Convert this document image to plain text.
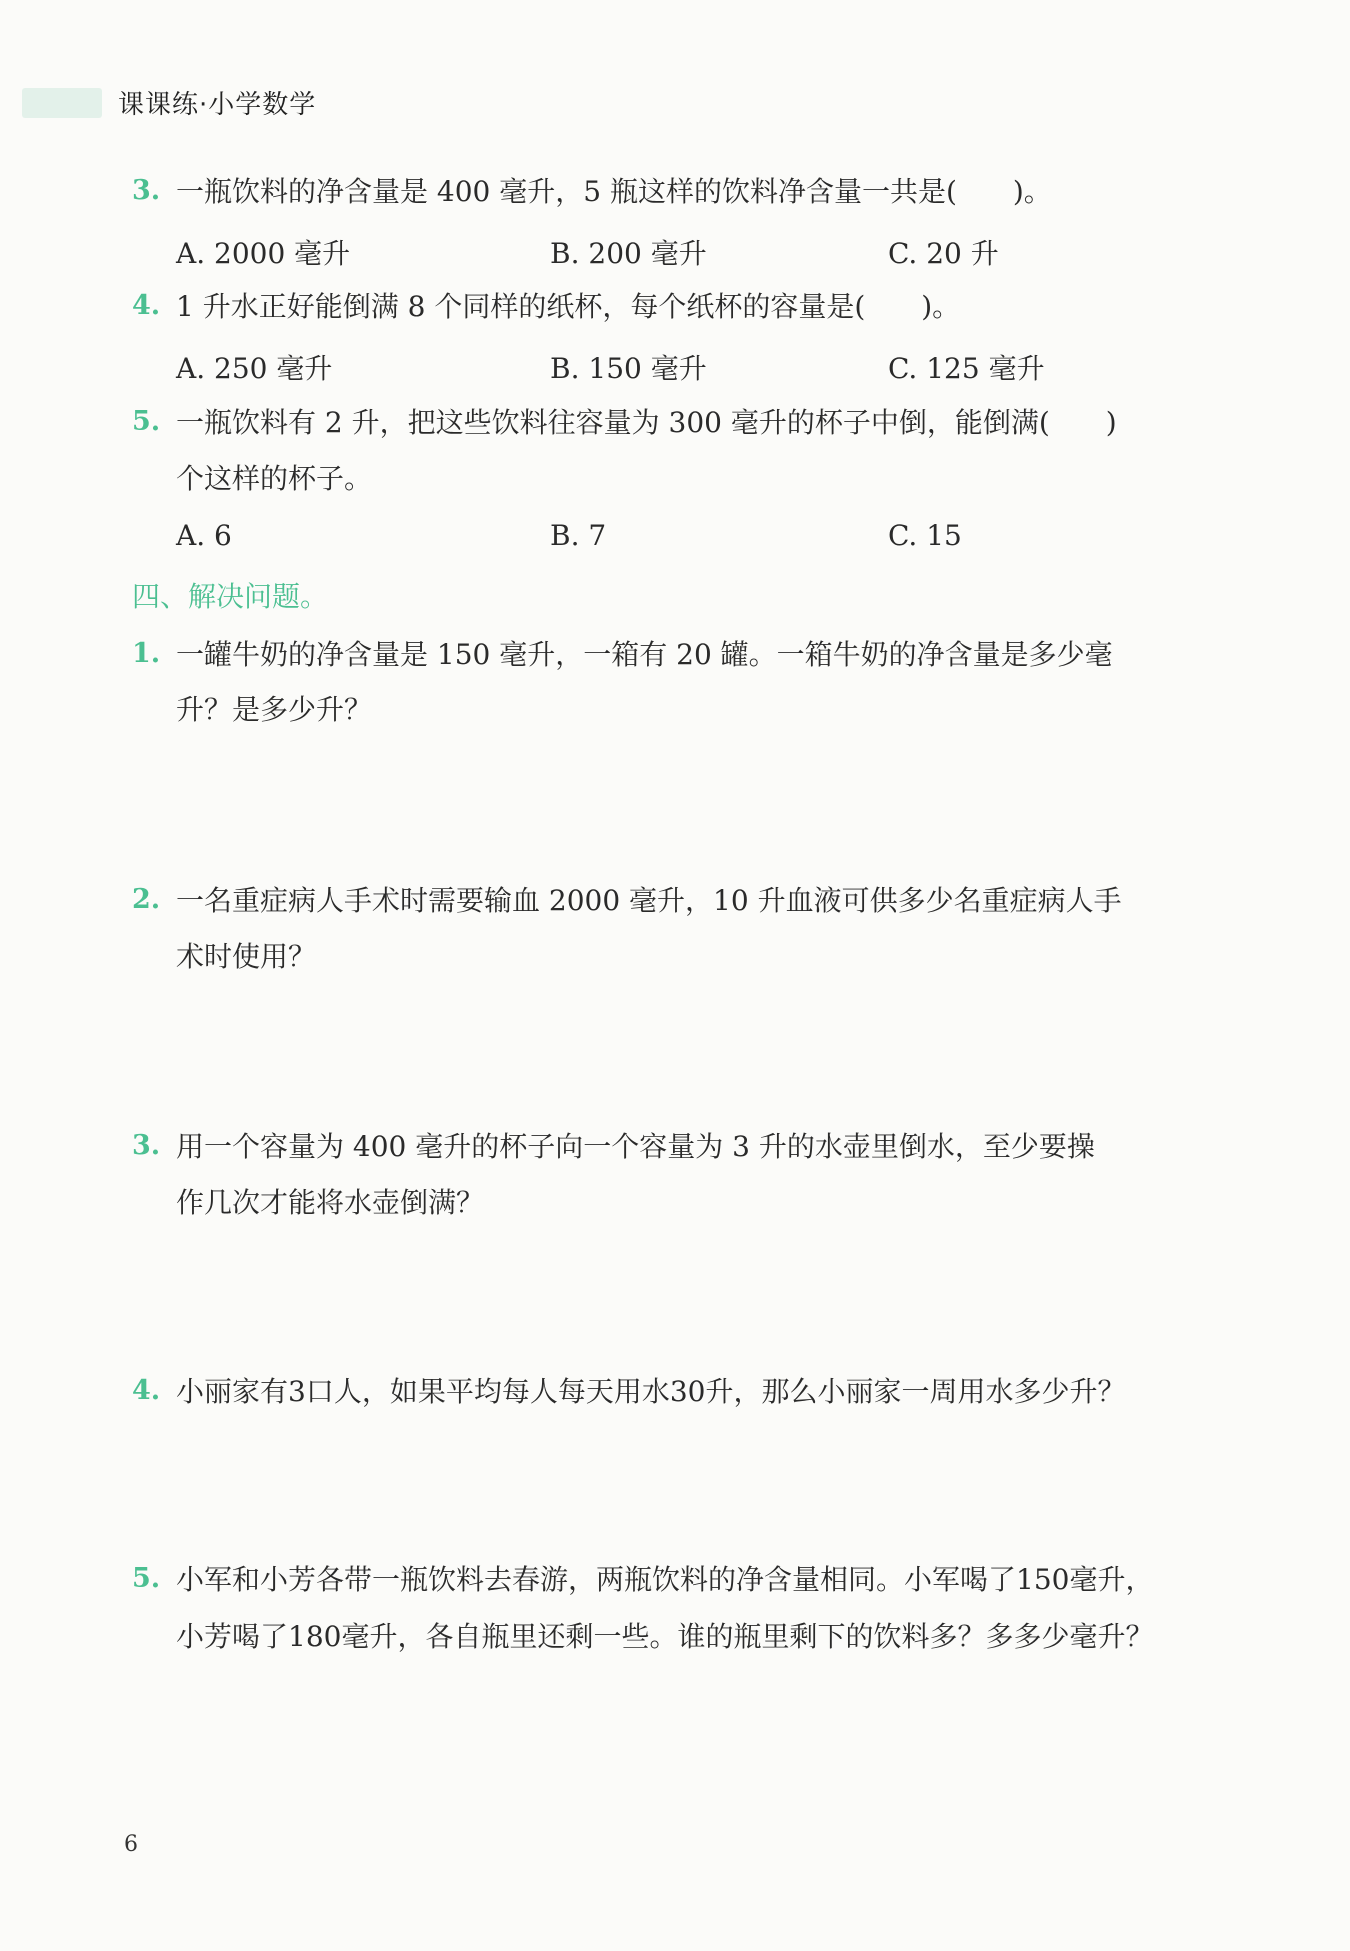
课课练·小学数学
3. 一瓶饮料的净含量是 400 毫升，5 瓶这样的饮料净含量一共是(　　)。
A. 2000 毫升	B. 200 毫升	C. 20 升
4. 1 升水正好能倒满 8 个同样的纸杯，每个纸杯的容量是(　　)。
A. 250 毫升	B. 150 毫升	C. 125 毫升
5. 一瓶饮料有 2 升，把这些饮料往容量为 300 毫升的杯子中倒，能倒满(　　)
个这样的杯子。
A. 6	B. 7	C. 15
四、解决问题。
1. 一罐牛奶的净含量是 150 毫升，一箱有 20 罐。一箱牛奶的净含量是多少毫
升？是多少升？
2. 一名重症病人手术时需要输血 2000 毫升，10 升血液可供多少名重症病人手
术时使用？
3. 用一个容量为 400 毫升的杯子向一个容量为 3 升的水壶里倒水，至少要操
作几次才能将水壶倒满？
4. 小丽家有3口人，如果平均每人每天用水30升，那么小丽家一周用水多少升？
5. 小军和小芳各带一瓶饮料去春游，两瓶饮料的净含量相同。小军喝了150毫升，
小芳喝了180毫升，各自瓶里还剩一些。谁的瓶里剩下的饮料多？多多少毫升？
6
